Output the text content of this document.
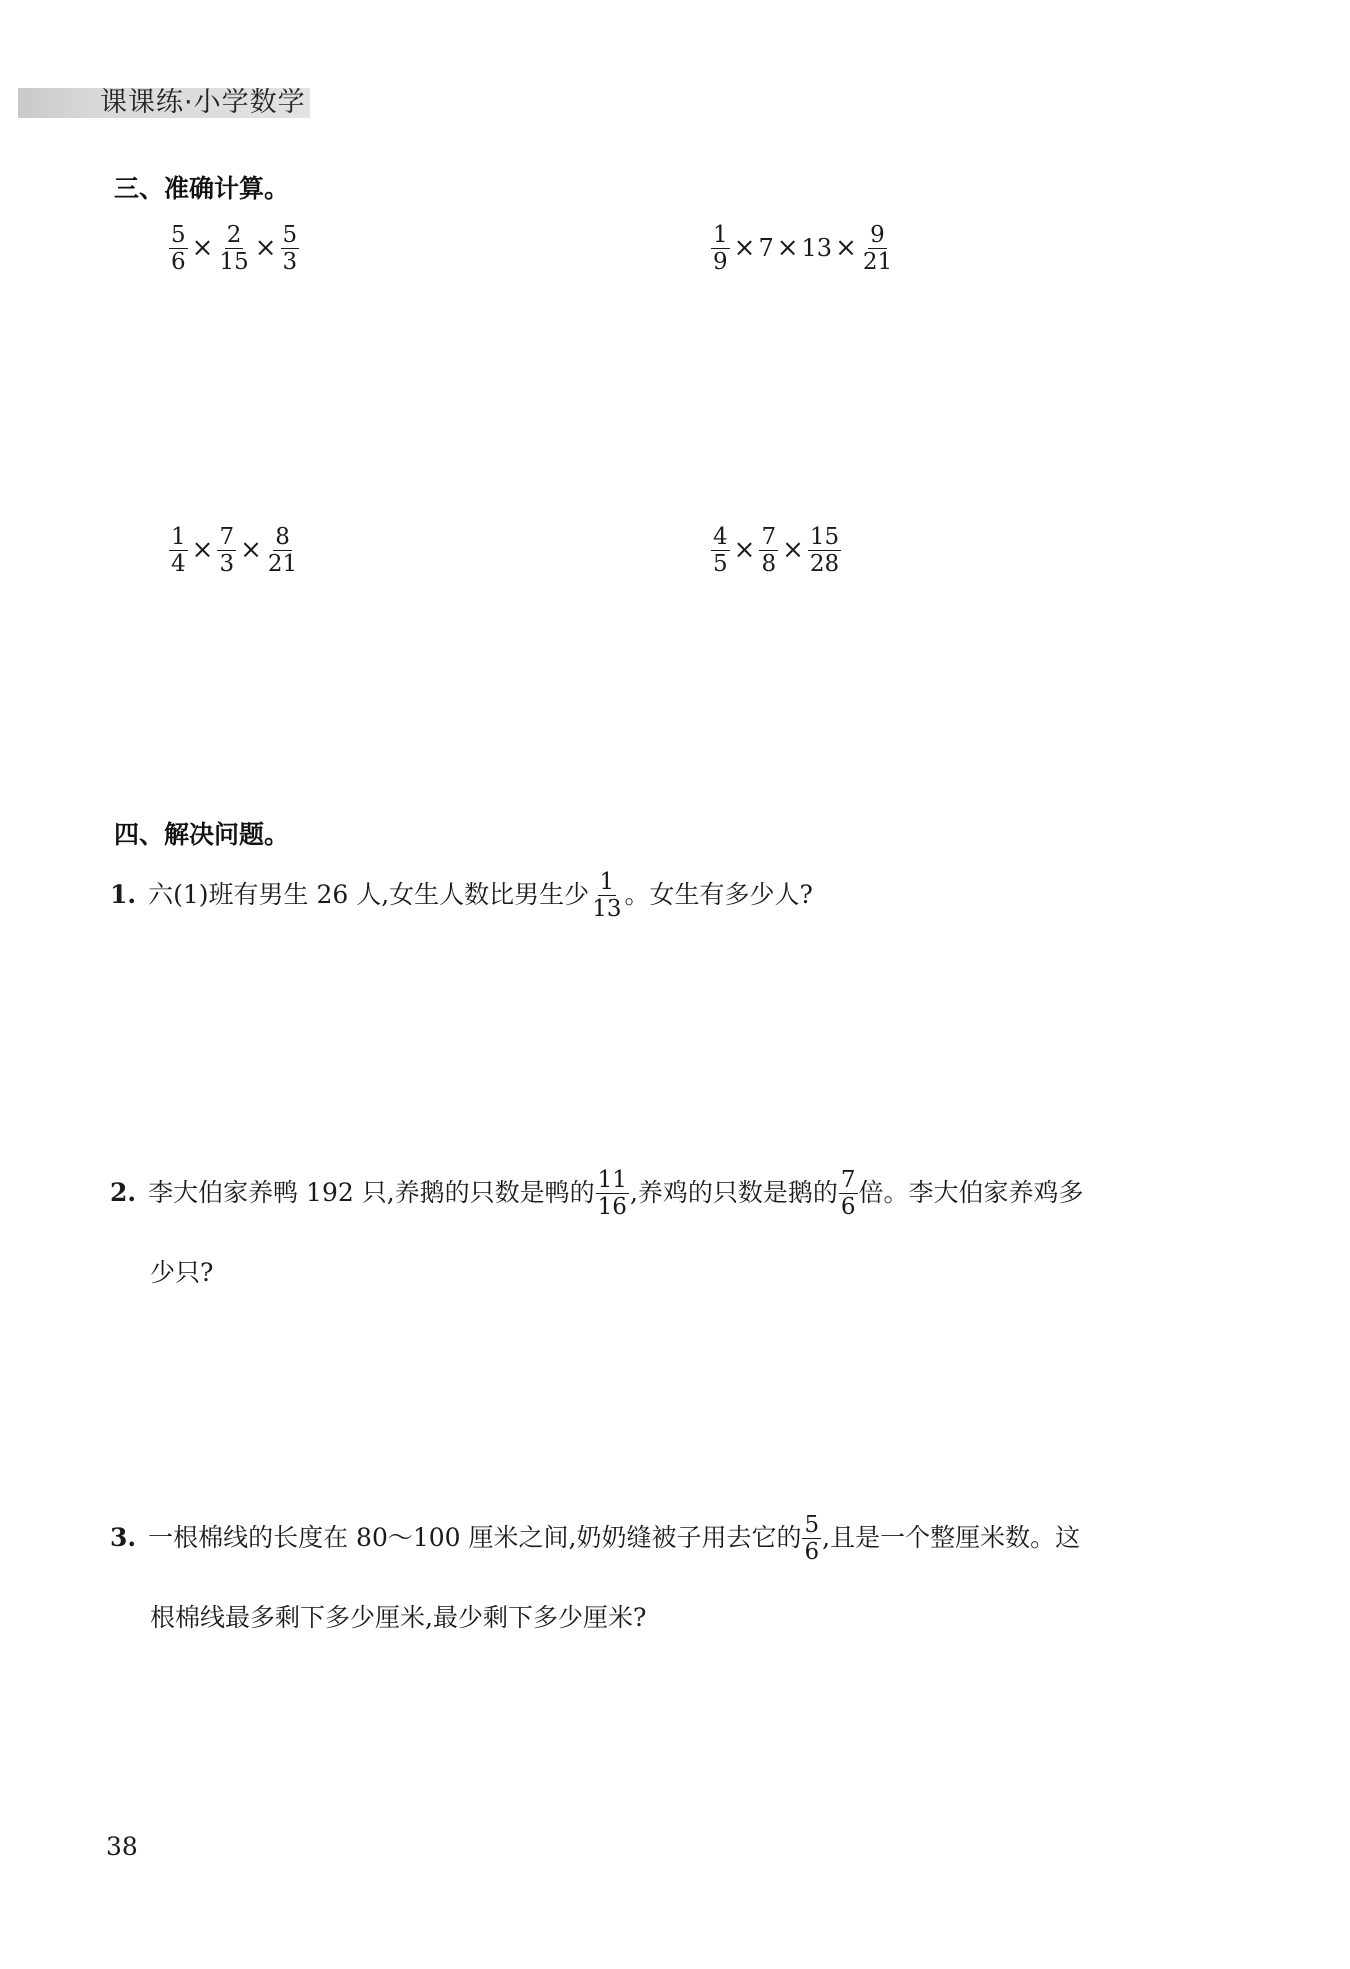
课课练·小学数学
三、准确计算。
$\frac{5}{6} \times \frac{2}{15} \times \frac{5}{3}$	$\frac{1}{9} \times 7 \times 13 \times \frac{9}{21}$
$\frac{1}{4} \times \frac{7}{3} \times \frac{8}{21}$	$\frac{4}{5} \times \frac{7}{8} \times \frac{15}{28}$
四、解决问题。
1. 六(1)班有男生 26 人,女生人数比男生少 $\frac{1}{13}$ 。女生有多少人?
2. 李大伯家养鸭 192 只,养鹅的只数是鸭的 $\frac{11}{16}$ ,养鸡的只数是鹅的 $\frac{7}{6}$ 倍。李大伯家养鸡多
少只?
3. 一根棉线的长度在 80～100 厘米之间,奶奶缝被子用去它的 $\frac{5}{6}$ ,且是一个整厘米数。这
根棉线最多剩下多少厘米,最少剩下多少厘米?
38
